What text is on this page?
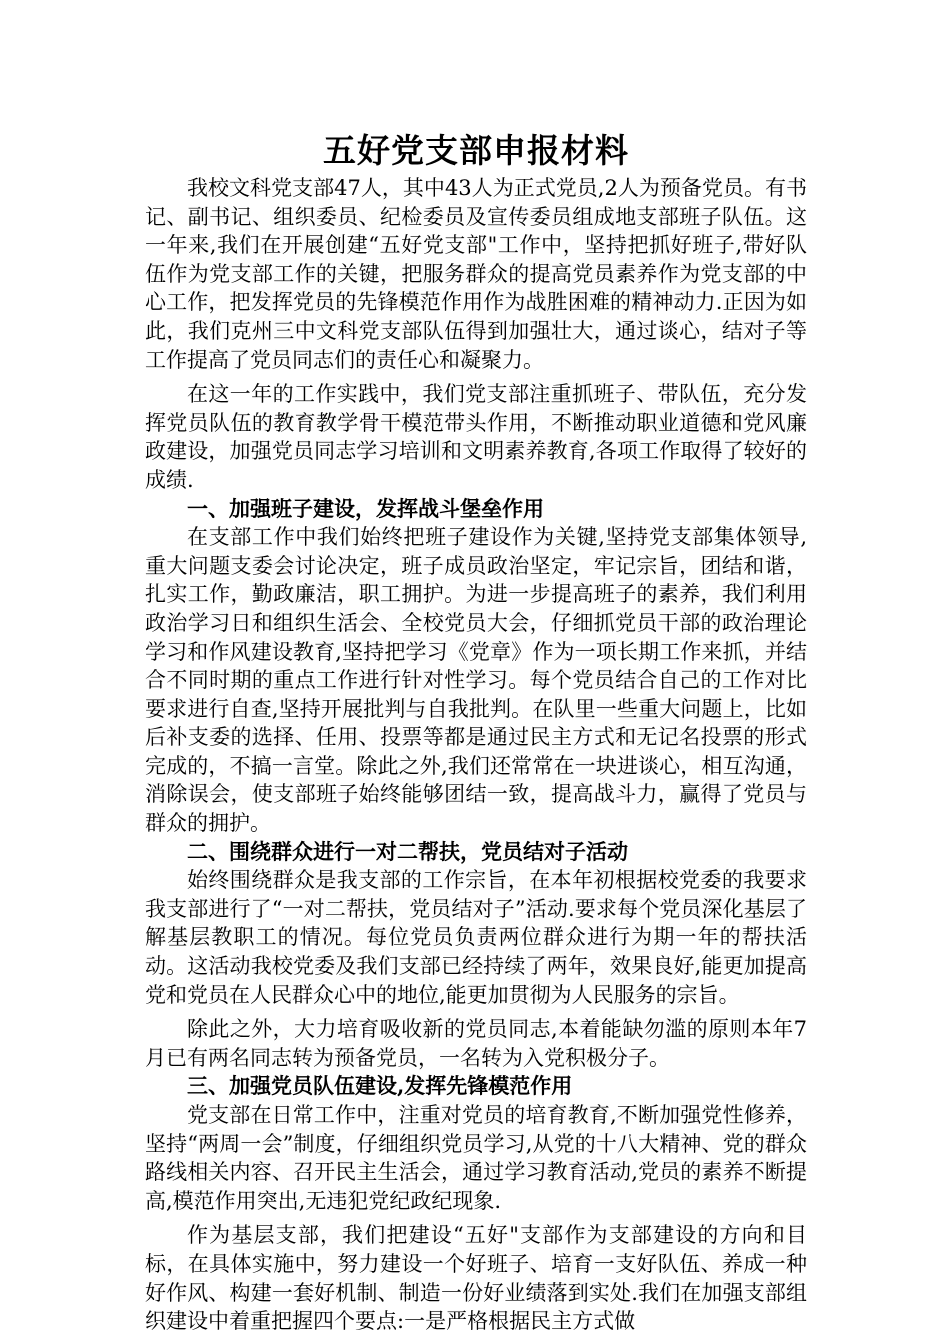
五好党支部申报材料

我校文科党支部47人，其中43人为正式党员,2人为预备党员。有书记、副书记、组织委员、纪检委员及宣传委员组成地支部班子队伍。这一年来,我们在开展创建“五好党支部"工作中，坚持把抓好班子,带好队伍作为党支部工作的关键，把服务群众的提高党员素养作为党支部的中心工作，把发挥党员的先锋模范作用作为战胜困难的精神动力.正因为如此，我们克州三中文科党支部队伍得到加强壮大，通过谈心，结对子等工作提高了党员同志们的责任心和凝聚力。

在这一年的工作实践中，我们党支部注重抓班子、带队伍，充分发挥党员队伍的教育教学骨干模范带头作用，不断推动职业道德和党风廉政建设，加强党员同志学习培训和文明素养教育,各项工作取得了较好的成绩.

一、加强班子建设，发挥战斗堡垒作用

在支部工作中我们始终把班子建设作为关键,坚持党支部集体领导,重大问题支委会讨论决定，班子成员政治坚定，牢记宗旨，团结和谐，扎实工作，勤政廉洁，职工拥护。为进一步提高班子的素养，我们利用政治学习日和组织生活会、全校党员大会，仔细抓党员干部的政治理论学习和作风建设教育,坚持把学习《党章》作为一项长期工作来抓，并结合不同时期的重点工作进行针对性学习。每个党员结合自己的工作对比要求进行自查,坚持开展批判与自我批判。在队里一些重大问题上，比如后补支委的选择、任用、投票等都是通过民主方式和无记名投票的形式完成的，不搞一言堂。除此之外,我们还常常在一块进谈心，相互沟通，消除误会，使支部班子始终能够团结一致，提高战斗力，赢得了党员与群众的拥护。

二、围绕群众进行一对二帮扶，党员结对子活动

始终围绕群众是我支部的工作宗旨，在本年初根据校党委的我要求我支部进行了“一对二帮扶，党员结对子”活动.要求每个党员深化基层了解基层教职工的情况。每位党员负责两位群众进行为期一年的帮扶活动。这活动我校党委及我们支部已经持续了两年，效果良好,能更加提高党和党员在人民群众心中的地位,能更加贯彻为人民服务的宗旨。

除此之外，大力培育吸收新的党员同志,本着能缺勿滥的原则本年7月已有两名同志转为预备党员，一名转为入党积极分子。

三、加强党员队伍建设,发挥先锋模范作用

党支部在日常工作中，注重对党员的培育教育,不断加强党性修养，坚持“两周一会”制度，仔细组织党员学习,从党的十八大精神、党的群众路线相关内容、召开民主生活会，通过学习教育活动,党员的素养不断提高,模范作用突出,无违犯党纪政纪现象.

作为基层支部，我们把建设“五好"支部作为支部建设的方向和目标，在具体实施中，努力建设一个好班子、培育一支好队伍、养成一种好作风、构建一套好机制、制造一份好业绩落到实处.我们在加强支部组织建设中着重把握四个要点:一是严格根据民主方式做
